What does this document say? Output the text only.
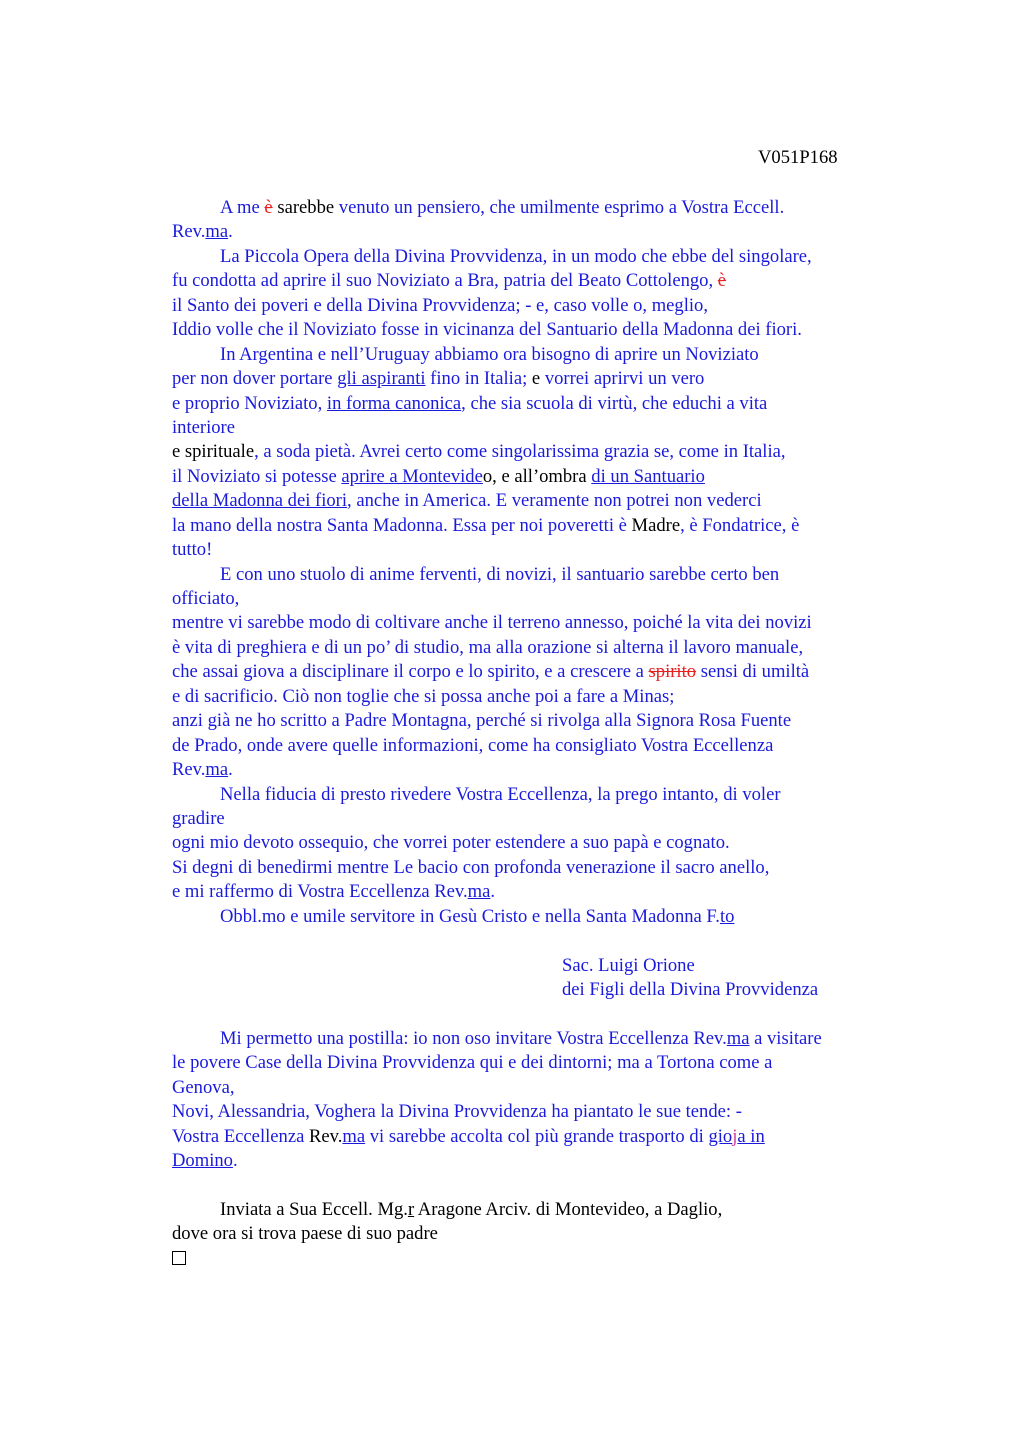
V051P168
A me è sarebbe venuto un pensiero, che umilmente esprimo a Vostra Eccell.
Rev.ma.
La Piccola Opera della Divina Provvidenza, in un modo che ebbe del singolare,
fu condotta ad aprire il suo Noviziato a Bra, patria del Beato Cottolengo, è
il Santo dei poveri e della Divina Provvidenza; - e, caso volle o, meglio,
Iddio volle che il Noviziato fosse in vicinanza del Santuario della Madonna dei fiori.
In Argentina e nell’Uruguay abbiamo ora bisogno di aprire un Noviziato
per non dover portare gli aspiranti fino in Italia; e vorrei aprirvi un vero
e proprio Noviziato, in forma canonica, che sia scuola di virtù, che educhi a vita
interiore
e spirituale, a soda pietà. Avrei certo come singolarissima grazia se, come in Italia,
il Noviziato si potesse aprire a Montevideo, e all’ombra di un Santuario
della Madonna dei fiori, anche in America. E veramente non potrei non vederci
la mano della nostra Santa Madonna. Essa per noi poveretti è Madre, è Fondatrice, è
tutto!
E con uno stuolo di anime ferventi, di novizi, il santuario sarebbe certo ben
officiato,
mentre vi sarebbe modo di coltivare anche il terreno annesso, poiché la vita dei novizi
è vita di preghiera e di un po’ di studio, ma alla orazione si alterna il lavoro manuale,
che assai giova a disciplinare il corpo e lo spirito, e a crescere a spirito sensi di umiltà
e di sacrificio. Ciò non toglie che si possa anche poi a fare a Minas;
anzi già ne ho scritto a Padre Montagna, perché si rivolga alla Signora Rosa Fuente
de Prado, onde avere quelle informazioni, come ha consigliato Vostra Eccellenza
Rev.ma.
Nella fiducia di presto rivedere Vostra Eccellenza, la prego intanto, di voler
gradire
ogni mio devoto ossequio, che vorrei poter estendere a suo papà e cognato.
Si degni di benedirmi mentre Le bacio con profonda venerazione il sacro anello,
e mi raffermo di Vostra Eccellenza Rev.ma.
Obbl.mo e umile servitore in Gesù Cristo e nella Santa Madonna F.to
Sac. Luigi Orione
dei Figli della Divina Provvidenza
Mi permetto una postilla: io non oso invitare Vostra Eccellenza Rev.ma a visitare
le povere Case della Divina Provvidenza qui e dei dintorni; ma a Tortona come a
Genova,
Novi, Alessandria, Voghera la Divina Provvidenza ha piantato le sue tende: -
Vostra Eccellenza Rev.ma vi sarebbe accolta col più grande trasporto di gioja in
Domino.
Inviata a Sua Eccell. Mg.r Aragone Arciv. di Montevideo, a Daglio,
dove ora si trova paese di suo padre
